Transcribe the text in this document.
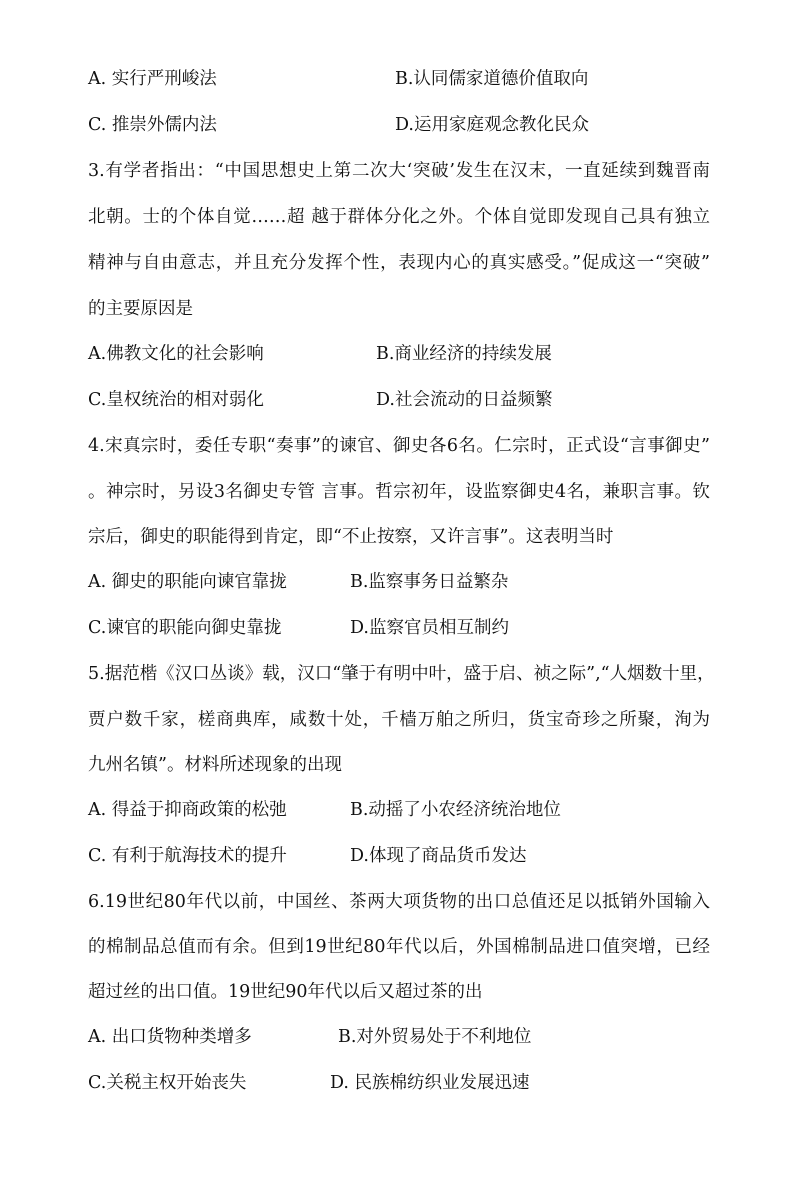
A. 实行严刑峻法	B.认同儒家道德价值取向
C. 推崇外儒内法	D.运用家庭观念教化民众
3.有学者指出：“中国思想史上第二次大‘突破’发生在汉末，一直延续到魏晋南
北朝。士的个体自觉……超 越于群体分化之外。个体自觉即发现自己具有独立
精神与自由意志，并且充分发挥个性，表现内心的真实感受。”促成这一“突破”
的主要原因是
A.佛教文化的社会影响	B.商业经济的持续发展
C.皇权统治的相对弱化	D.社会流动的日益频繁
4.宋真宗时，委任专职“奏事”的谏官、御史各6名。仁宗时，正式设“言事御史”
。神宗时，另设3名御史专管 言事。哲宗初年，设监察御史4名，兼职言事。钦
宗后，御史的职能得到肯定，即“不止按察，又许言事”。这表明当时
A. 御史的职能向谏官靠拢	B.监察事务日益繁杂
C.谏官的职能向御史靠拢	D.监察官员相互制约
5.据范楷《汉口丛谈》载，汉口“肇于有明中叶，盛于启、祯之际”,“人烟数十里，
贾户数千家，槎商典库，咸数十处，千樯万舶之所归，货宝奇珍之所聚，洵为
九州名镇”。材料所述现象的出现
A. 得益于抑商政策的松弛	B.动摇了小农经济统治地位
C. 有利于航海技术的提升	D.体现了商品货币发达
6.19世纪80年代以前，中国丝、茶两大项货物的出口总值还足以抵销外国输入
的棉制品总值而有余。但到19世纪80年代以后，外国棉制品进口值突增，已经
超过丝的出口值。19世纪90年代以后又超过茶的出
A. 出口货物种类增多	B.对外贸易处于不利地位
C.关税主权开始丧失	D. 民族棉纺织业发展迅速
